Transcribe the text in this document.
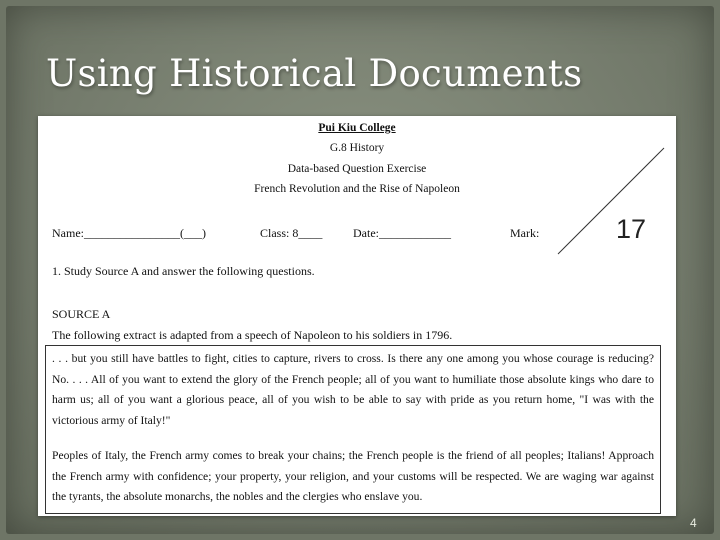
Using Historical Documents
Pui Kiu College
G.8 History
Data-based Question Exercise
French Revolution and the Rise of Napoleon
Name:________________(___)	Class: 8____	Date:____________	Mark:	17
1. Study Source A and answer the following questions.
SOURCE A
The following extract is adapted from a speech of Napoleon to his soldiers in 1796.

. . . but you still have battles to fight, cities to capture, rivers to cross. Is there any one among you whose courage is reducing? No. . . . All of you want to extend the glory of the French people; all of you want to humiliate those absolute kings who dare to harm us; all of you want a glorious peace, all of you wish to be able to say with pride as you return home, "I was with the victorious army of Italy!"

Peoples of Italy, the French army comes to break your chains; the French people is the friend of all peoples; Italians! Approach the French army with confidence; your property, your religion, and your customs will be respected. We are waging war against the tyrants, the absolute monarchs, the nobles and the clergies who enslave you.

4
